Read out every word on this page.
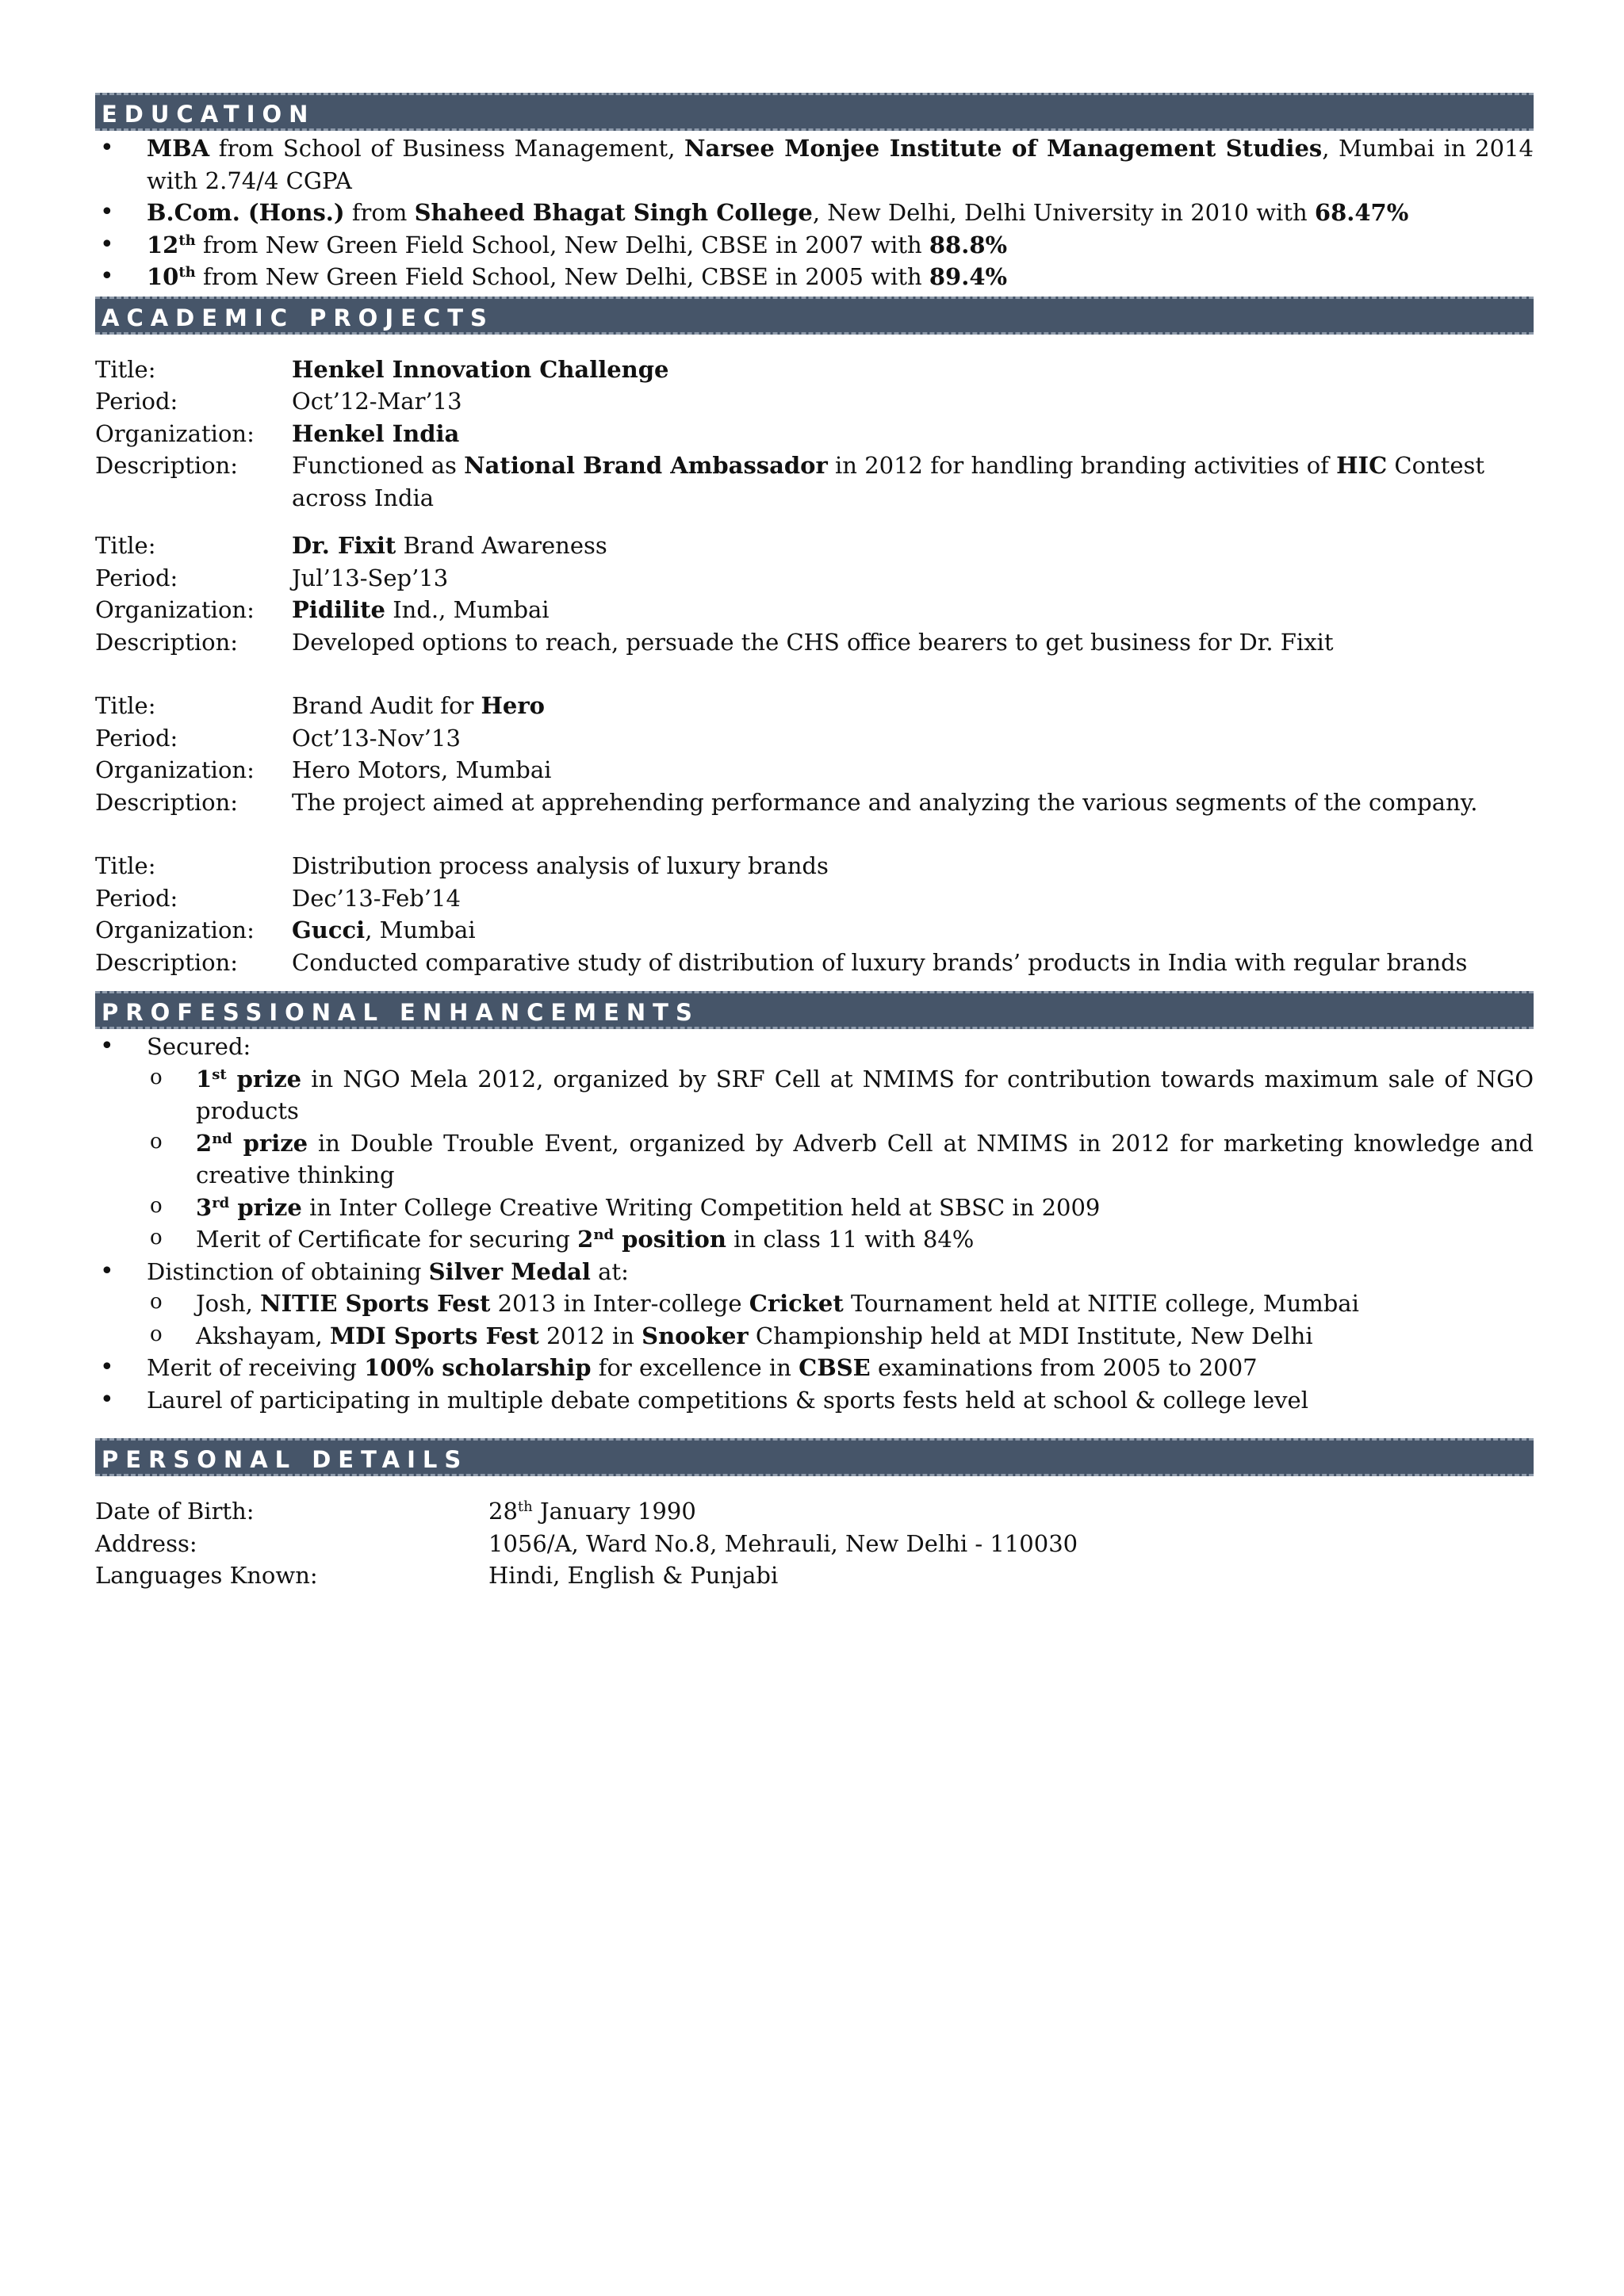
EDUCATION
• MBA from School of Business Management, Narsee Monjee Institute of Management Studies, Mumbai in 2014 with 2.74/4 CGPA
• B.Com. (Hons.) from Shaheed Bhagat Singh College, New Delhi, Delhi University in 2010 with 68.47%
• 12th from New Green Field School, New Delhi, CBSE in 2007 with 88.8%
• 10th from New Green Field School, New Delhi, CBSE in 2005 with 89.4%
ACADEMIC PROJECTS
Title:	Henkel Innovation Challenge
Period:	Oct’12-Mar’13
Organization:	Henkel India
Description:	Functioned as National Brand Ambassador in 2012 for handling branding activities of HIC Contest across India
Title:	Dr. Fixit Brand Awareness
Period:	Jul’13-Sep’13
Organization:	Pidilite Ind., Mumbai
Description:	Developed options to reach, persuade the CHS office bearers to get business for Dr. Fixit
Title:	Brand Audit for Hero
Period:	Oct’13-Nov’13
Organization:	Hero Motors, Mumbai
Description:	The project aimed at apprehending performance and analyzing the various segments of the company.
Title:	Distribution process analysis of luxury brands
Period:	Dec’13-Feb’14
Organization:	Gucci, Mumbai
Description:	Conducted comparative study of distribution of luxury brands’ products in India with regular brands
PROFESSIONAL ENHANCEMENTS
• Secured:
o 1st prize in NGO Mela 2012, organized by SRF Cell at NMIMS for contribution towards maximum sale of NGO products
o 2nd prize in Double Trouble Event, organized by Adverb Cell at NMIMS in 2012 for marketing knowledge and creative thinking
o 3rd prize in Inter College Creative Writing Competition held at SBSC in 2009
o Merit of Certificate for securing 2nd position in class 11 with 84%
• Distinction of obtaining Silver Medal at:
o Josh, NITIE Sports Fest 2013 in Inter-college Cricket Tournament held at NITIE college, Mumbai
o Akshayam, MDI Sports Fest 2012 in Snooker Championship held at MDI Institute, New Delhi
• Merit of receiving 100% scholarship for excellence in CBSE examinations from 2005 to 2007
• Laurel of participating in multiple debate competitions & sports fests held at school & college level
PERSONAL DETAILS
Date of Birth:	28th January 1990
Address:	1056/A, Ward No.8, Mehrauli, New Delhi - 110030
Languages Known:	Hindi, English & Punjabi
